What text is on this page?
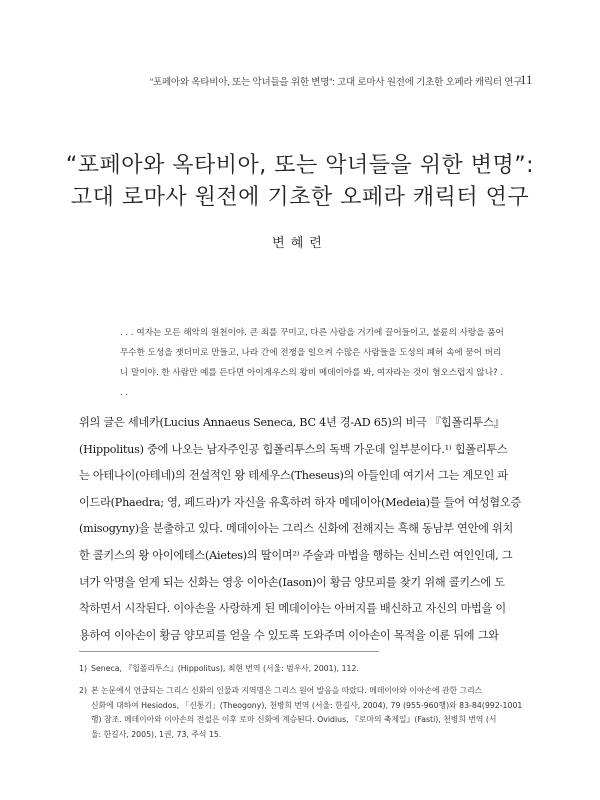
“포페아와 옥타비아, 또는 악녀들을 위한 변명”: 고대 로마사 원전에 기초한 오페라 캐릭터 연구
11
“포페아와 옥타비아, 또는 악녀들을 위한 변명”:
고대 로마사 원전에 기초한 오페라 캐릭터 연구
변혜련

. . . 여자는 모든 해악의 원천이야. 큰 죄를 꾸미고, 다른 사람을 거기에 끌어들이고, 불륜의 사랑을 품어

무수한 도성을 잿더미로 만들고, 나라 간에 전쟁을 일으켜 수많은 사람들을 도성의 폐허 속에 묻어 버리

니 말이야. 한 사람만 예를 든다면 아이게우스의 왕비 메데이아를 봐, 여자라는 것이 혐오스럽지 않나? .

. .

위의 글은 세네카(Lucius Annaeus Seneca, BC 4년 경-AD 65)의 비극 『힙폴리투스』

(Hippolitus) 중에 나오는 남자주인공 힙폴리투스의 독백 가운데 일부분이다.¹⁾ 힙폴리투스

는 아테나이(아테네)의 전설적인 왕 테세우스(Theseus)의 아들인데 여기서 그는 계모인 파

이드라(Phaedra; 영, 페드라)가 자신을 유혹하려 하자 메데이아(Medeia)를 들어 여성혐오증

(misogyny)을 분출하고 있다. 메데이아는 그리스 신화에 전해지는 흑해 동남부 연안에 위치

한 콜키스의 왕 아이에테스(Aietes)의 딸이며²⁾ 주술과 마법을 행하는 신비스런 여인인데, 그

녀가 악명을 얻게 되는 신화는 영웅 이아손(Iason)이 황금 양모피를 찾기 위해 콜키스에 도

착하면서 시작된다. 이아손을 사랑하게 된 메데이아는 아버지를 배신하고 자신의 마법을 이

용하여 이아손이 황금 양모피를 얻을 수 있도록 도와주며 이아손이 목적을 이룬 뒤에 그와

1) Seneca, 『힙폴리투스』(Hippolitus), 최현 번역 (서울: 범우사, 2001), 112.
2) 본 논문에서 언급되는 그리스 신화의 인물과 지역명은 그리스 원어 발음을 따랐다. 메데이아와 이아손에 관한 그리스
신화에 대하여 Hesiodos, 「신통기」(Theogony), 천병희 번역 (서울: 한길사, 2004), 79 (955-960행)와 83-84(992-1001
행) 참조. 메데이아와 이아손의 전설은 이후 로마 신화에 계승된다. Ovidius, 『로마의 축제일』(Fasti), 천병희 번역 (서
울: 한길사, 2005), 1권, 73, 주석 15.
